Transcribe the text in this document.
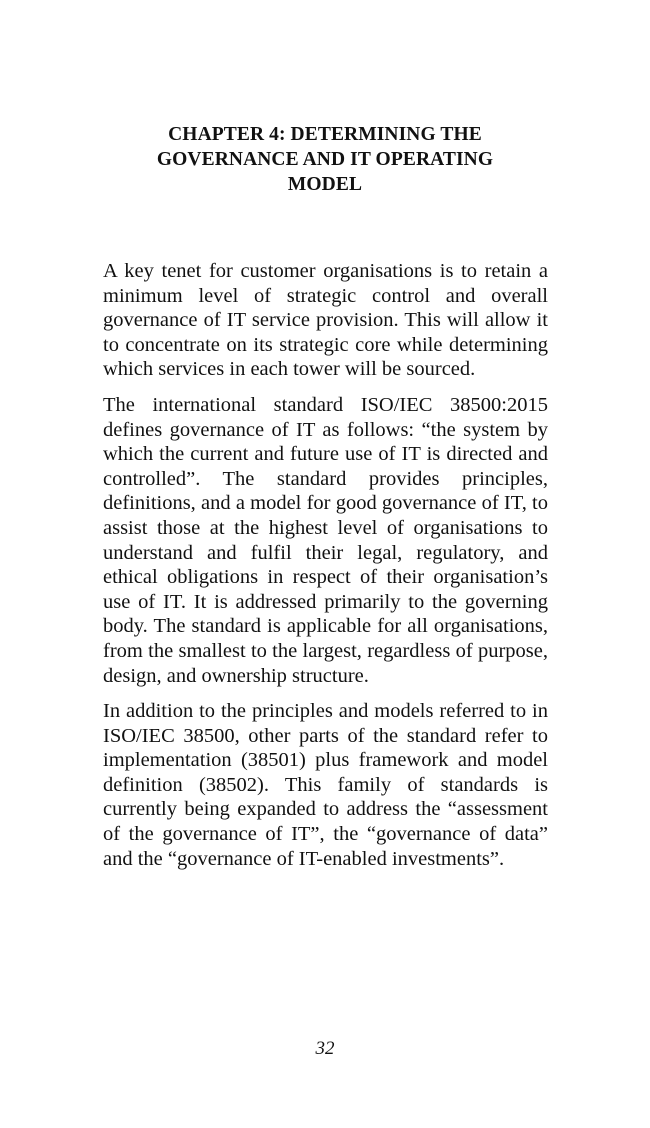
CHAPTER 4: DETERMINING THE
GOVERNANCE AND IT OPERATING
MODEL

A key tenet for customer organisations is to retain a minimum level of strategic control and overall governance of IT service provision. This will allow it to concentrate on its strategic core while determining which services in each tower will be sourced.

The international standard ISO/IEC 38500:2015 defines governance of IT as follows: “the system by which the current and future use of IT is directed and controlled”. The standard provides principles, definitions, and a model for good governance of IT, to assist those at the highest level of organisations to understand and fulfil their legal, regulatory, and ethical obligations in respect of their organisation’s use of IT. It is addressed primarily to the governing body. The standard is applicable for all organisations, from the smallest to the largest, regardless of purpose, design, and ownership structure.

In addition to the principles and models referred to in ISO/IEC 38500, other parts of the standard refer to implementation (38501) plus framework and model definition (38502). This family of standards is currently being expanded to address the “assessment of the governance of IT”, the “governance of data” and the “governance of IT-enabled investments”.

32
